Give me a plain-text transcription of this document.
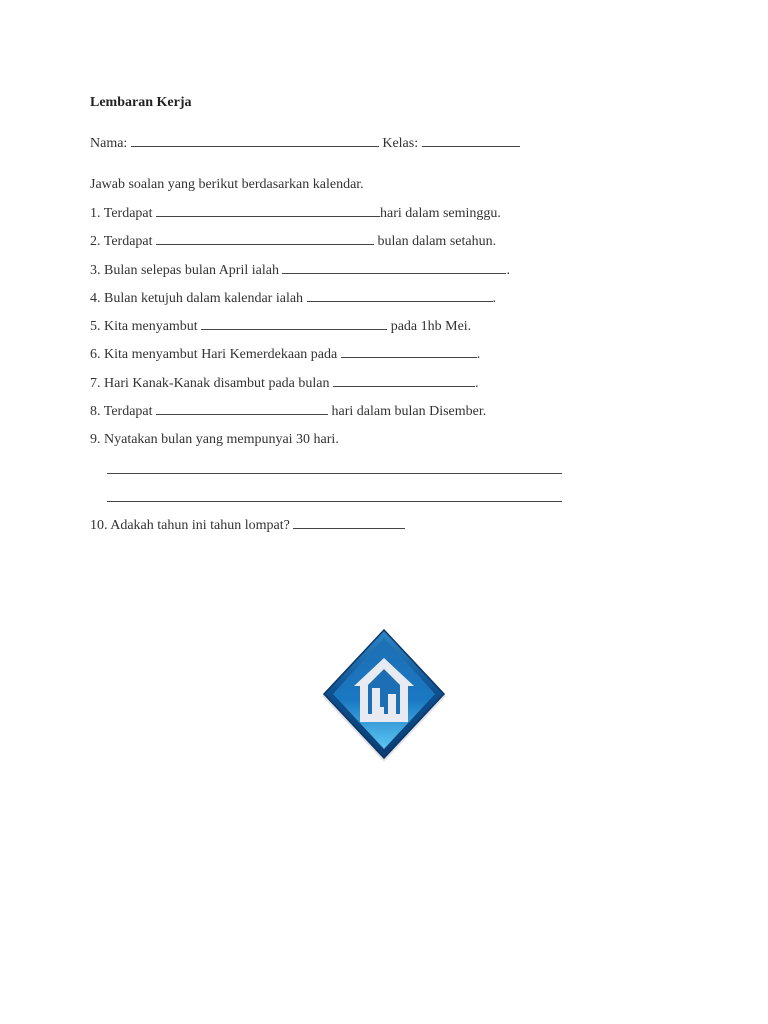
Lembaran Kerja
Nama:	Kelas:
Jawab soalan yang berikut berdasarkan kalendar.
1. Terdapat	hari dalam seminggu.
2. Terdapat	bulan dalam setahun.
3. Bulan selepas bulan April ialah	.
4. Bulan ketujuh dalam kalendar ialah	.
5. Kita menyambut	pada 1hb Mei.
6. Kita menyambut Hari Kemerdekaan pada	.
7. Hari Kanak-Kanak disambut pada bulan	.
8. Terdapat	hari dalam bulan Disember.
9. Nyatakan bulan yang mempunyai 30 hari.
10. Adakah tahun ini tahun lompat?
